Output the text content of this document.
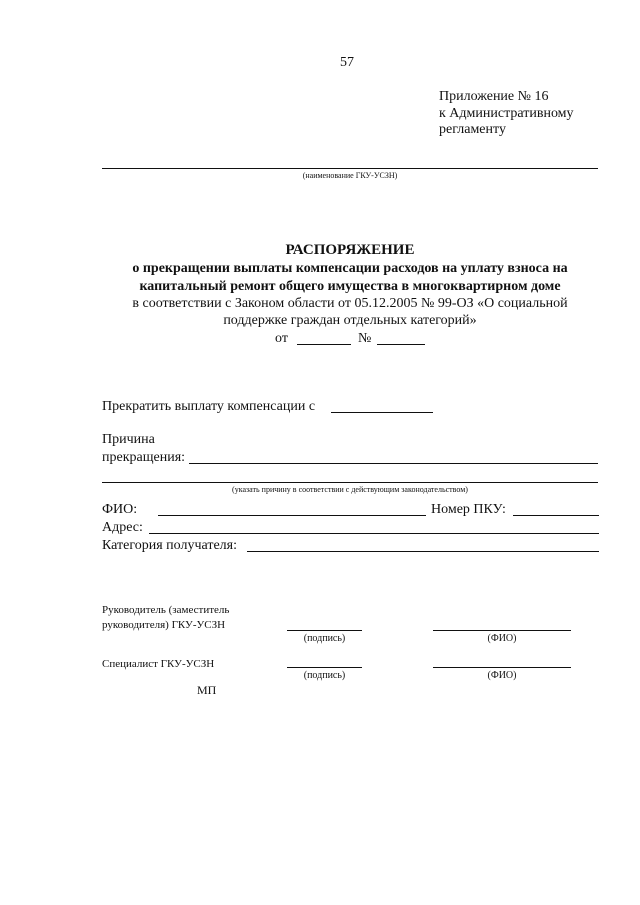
57
Приложение № 16
к Административному
регламенту
(наименование ГКУ-УСЗН)
РАСПОРЯЖЕНИЕ
о прекращении выплаты компенсации расходов на уплату взноса на
капитальный ремонт общего имущества в многоквартирном доме
в соответствии с Законом области от 05.12.2005 № 99-ОЗ «О социальной
поддержке граждан отдельных категорий»
от	№
Прекратить выплату компенсации с
Причина
прекращения:
(указать причину в соответствии с действующим законодательством)
ФИО:	Номер ПКУ:
Адрес:
Категория получателя:
Руководитель (заместитель
руководителя) ГКУ-УСЗН
(подпись)	(ФИО)
Специалист ГКУ-УСЗН
(подпись)	(ФИО)
МП
